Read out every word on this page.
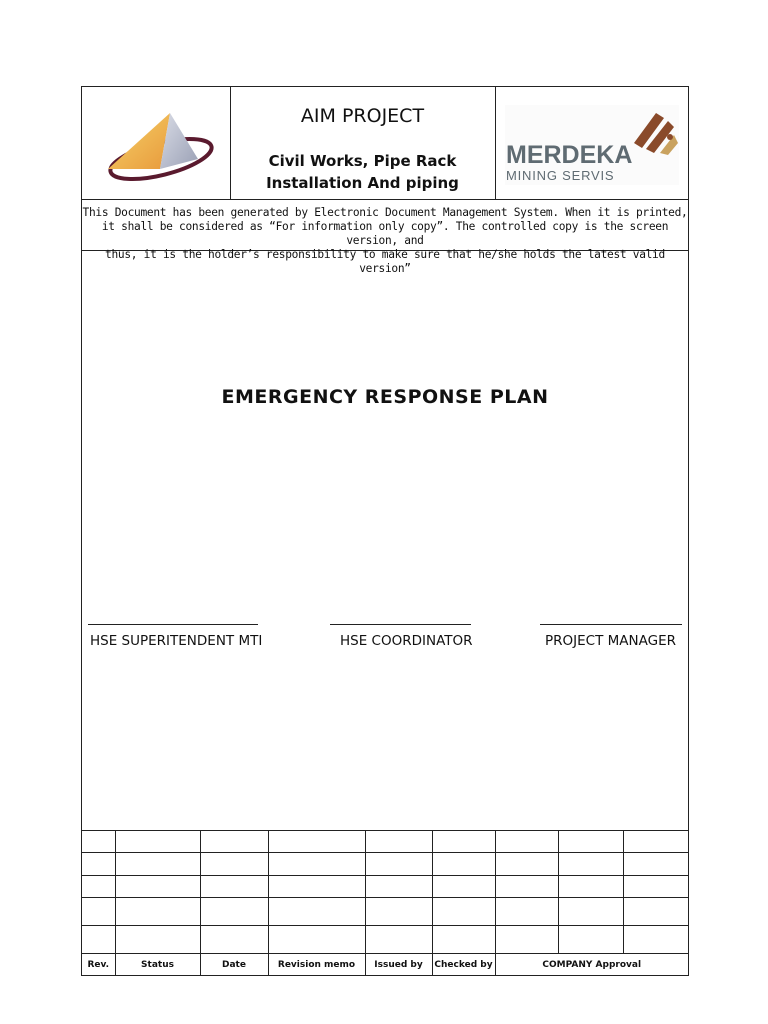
AIM PROJECT
Civil Works, Pipe Rack
Installation And piping
MERDEKA
MINING SERVIS
This Document has been generated by Electronic Document Management System. When it is printed,
it shall be considered as “For information only copy”. The controlled copy is the screen version, and
thus, it is the holder’s responsibility to make sure that he/she holds the latest valid version”
EMERGENCY RESPONSE PLAN
HSE SUPERITENDENT MTI	HSE COORDINATOR	PROJECT MANAGER

Rev.	Status	Date	Revision memo	Issued by	Checked by	COMPANY Approval		
